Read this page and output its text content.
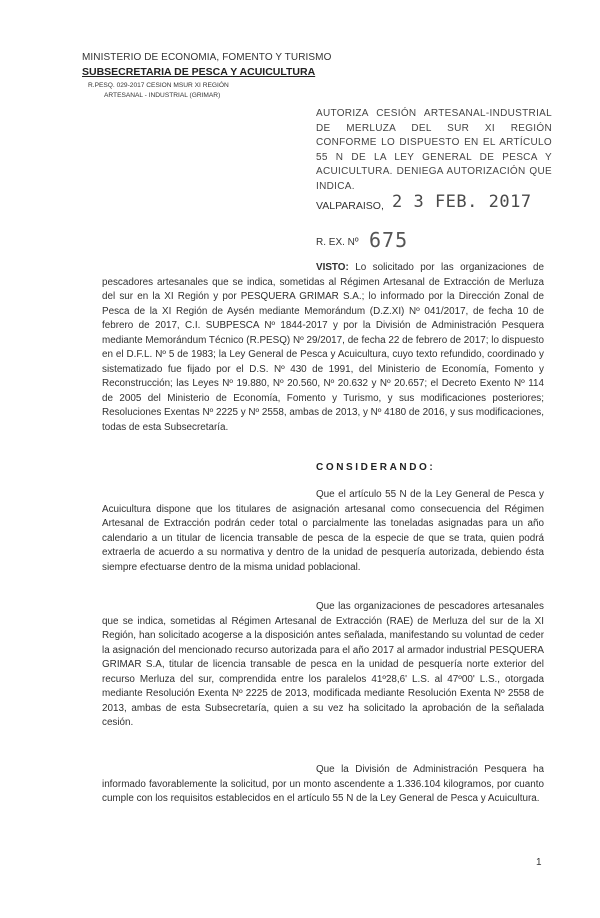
MINISTERIO DE ECONOMIA, FOMENTO Y TURISMO
SUBSECRETARIA DE PESCA Y ACUICULTURA
R.PESQ. 029-2017 CESION MSUR XI REGIÓN
ARTESANAL - INDUSTRIAL (GRIMAR)
AUTORIZA CESIÓN ARTESANAL-INDUSTRIAL DE MERLUZA DEL SUR XI REGIÓN CONFORME LO DISPUESTO EN EL ARTÍCULO 55 N DE LA LEY GENERAL DE PESCA Y ACUICULTURA. DENIEGA AUTORIZACIÓN QUE INDICA.
VALPARAISO, 2 3 FEB. 2017
R. EX. Nº 675
VISTO: Lo solicitado por las organizaciones de pescadores artesanales que se indica, sometidas al Régimen Artesanal de Extracción de Merluza del sur en la XI Región y por PESQUERA GRIMAR S.A.; lo informado por la Dirección Zonal de Pesca de la XI Región de Aysén mediante Memorándum (D.Z.XI) Nº 041/2017, de fecha 10 de febrero de 2017, C.I. SUBPESCA Nº 1844-2017 y por la División de Administración Pesquera mediante Memorándum Técnico (R.PESQ) Nº 29/2017, de fecha 22 de febrero de 2017; lo dispuesto en el D.F.L. Nº 5 de 1983; la Ley General de Pesca y Acuicultura, cuyo texto refundido, coordinado y sistematizado fue fijado por el D.S. Nº 430 de 1991, del Ministerio de Economía, Fomento y Reconstrucción; las Leyes Nº 19.880, Nº 20.560, Nº 20.632 y Nº 20.657; el Decreto Exento Nº 114 de 2005 del Ministerio de Economía, Fomento y Turismo, y sus modificaciones posteriores; Resoluciones Exentas Nº 2225 y Nº 2558, ambas de 2013, y Nº 4180 de 2016, y sus modificaciones, todas de esta Subsecretaría.
CONSIDERANDO:
Que el artículo 55 N de la Ley General de Pesca y Acuicultura dispone que los titulares de asignación artesanal como consecuencia del Régimen Artesanal de Extracción podrán ceder total o parcialmente las toneladas asignadas para un año calendario a un titular de licencia transable de pesca de la especie de que se trata, quien podrá extraerla de acuerdo a su normativa y dentro de la unidad de pesquería autorizada, debiendo ésta siempre efectuarse dentro de la misma unidad poblacional.
Que las organizaciones de pescadores artesanales que se indica, sometidas al Régimen Artesanal de Extracción (RAE) de Merluza del sur de la XI Región, han solicitado acogerse a la disposición antes señalada, manifestando su voluntad de ceder la asignación del mencionado recurso autorizada para el año 2017 al armador industrial PESQUERA GRIMAR S.A, titular de licencia transable de pesca en la unidad de pesquería norte exterior del recurso Merluza del sur, comprendida entre los paralelos 41º28,6' L.S. al 47º00' L.S., otorgada mediante Resolución Exenta Nº 2225 de 2013, modificada mediante Resolución Exenta Nº 2558 de 2013, ambas de esta Subsecretaría, quien a su vez ha solicitado la aprobación de la señalada cesión.
Que la División de Administración Pesquera ha informado favorablemente la solicitud, por un monto ascendente a 1.336.104 kilogramos, por cuanto cumple con los requisitos establecidos en el artículo 55 N de la Ley General de Pesca y Acuicultura.
1
